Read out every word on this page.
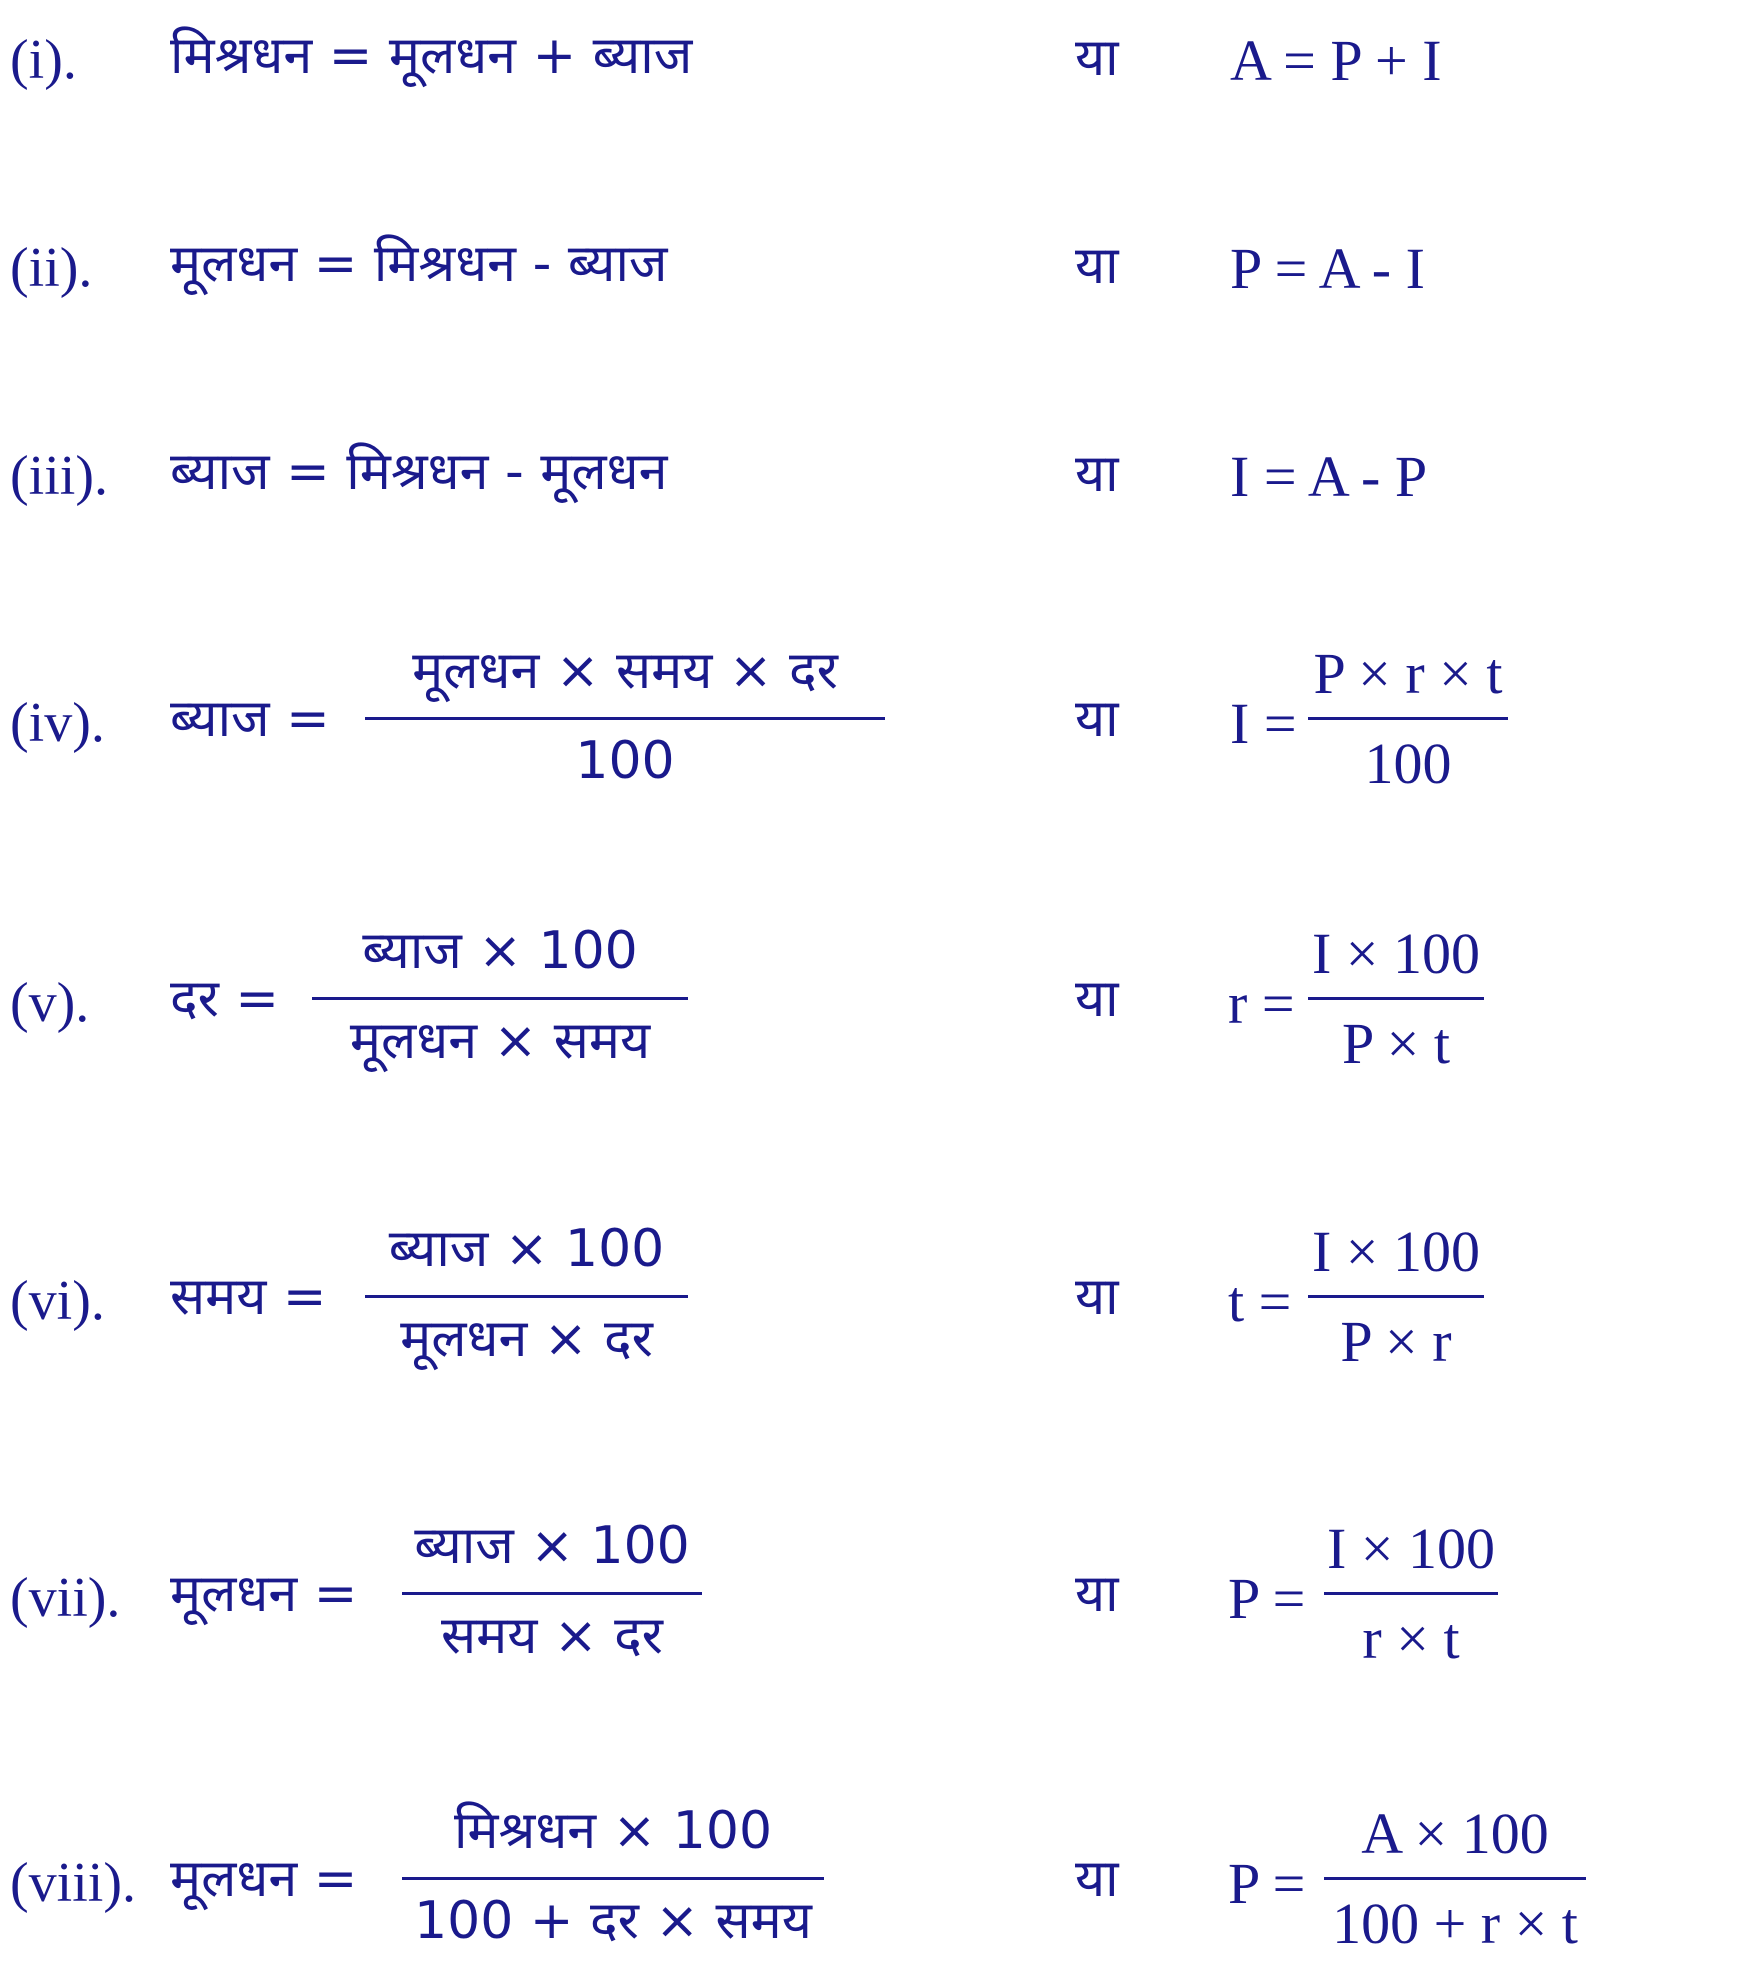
(i). मिश्रधन = मूलधन + ब्याज	या A = P + I
(ii). मूलधन = मिश्रधन - ब्याज	या P = A - I
(iii). ब्याज = मिश्रधन - मूलधन	या I = A - P
(iv). ब्याज =
मूलधन × समय × दर
100
या I =
P × r × t
100
(v). दर =
ब्याज × 100
मूलधन × समय
या r =
I × 100
P × t
(vi). समय =
ब्याज × 100
मूलधन × दर
या t =
I × 100
P × r
(vii). मूलधन =
ब्याज × 100
समय × दर
या P =
I × 100
r × t
(viii). मूलधन =
मिश्रधन × 100
100 + दर × समय
या P =
A × 100
100 + r × t
